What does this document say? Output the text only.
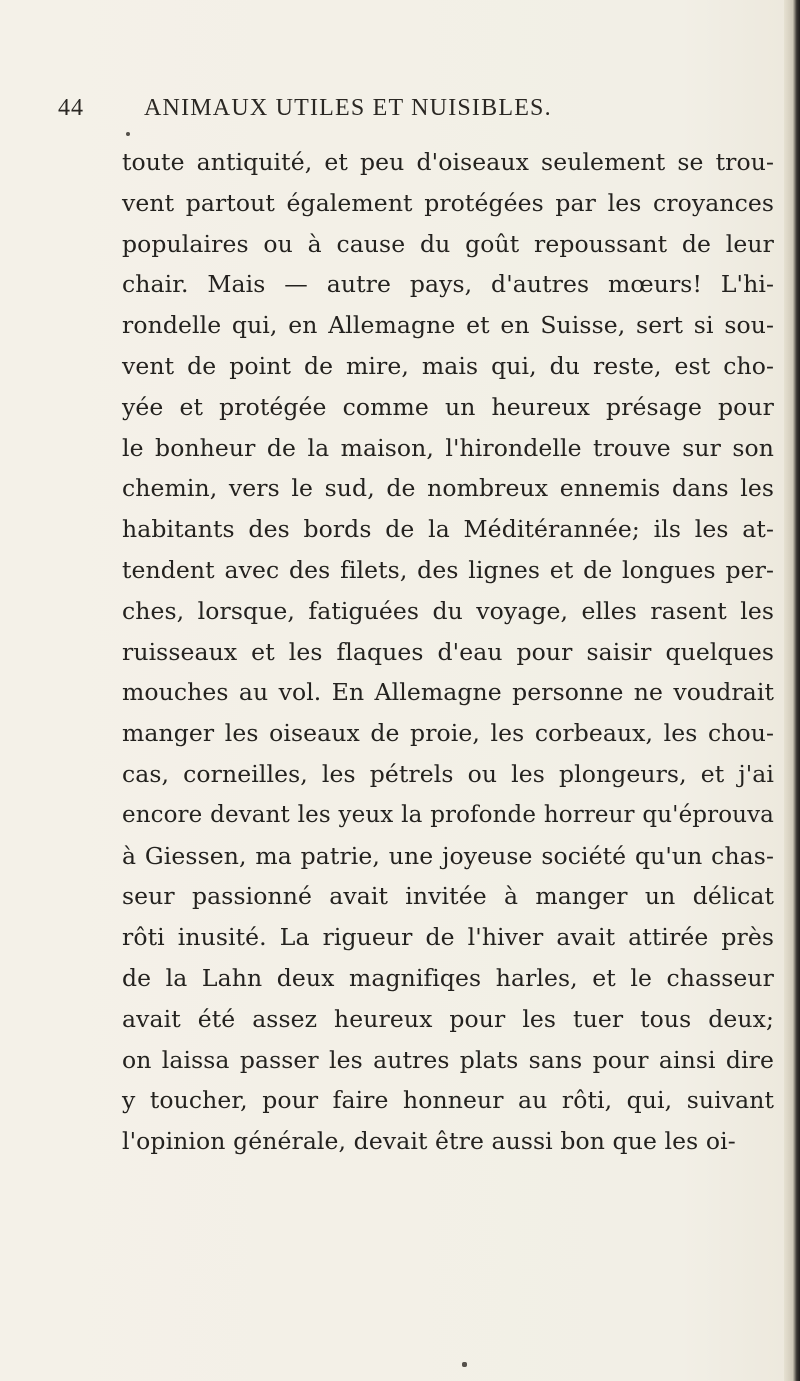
44	ANIMAUX UTILES ET NUISIBLES.
toute antiquité, et peu d'oiseaux seulement se trou-
vent partout également protégées par les croyances
populaires ou à cause du goût repoussant de leur
chair. Mais — autre pays, d'autres mœurs! L'hi-
rondelle qui, en Allemagne et en Suisse, sert si sou-
vent de point de mire, mais qui, du reste, est cho-
yée et protégée comme un heureux présage pour
le bonheur de la maison, l'hirondelle trouve sur son
chemin, vers le sud, de nombreux ennemis dans les
habitants des bords de la Méditérannée; ils les at-
tendent avec des filets, des lignes et de longues per-
ches, lorsque, fatiguées du voyage, elles rasent les
ruisseaux et les flaques d'eau pour saisir quelques
mouches au vol. En Allemagne personne ne voudrait
manger les oiseaux de proie, les corbeaux, les chou-
cas, corneilles, les pétrels ou les plongeurs, et j'ai
encore devant les yeux la profonde horreur qu'éprouva
à Giessen, ma patrie, une joyeuse société qu'un chas-
seur passionné avait invitée à manger un délicat
rôti inusité. La rigueur de l'hiver avait attirée près
de la Lahn deux magnifiqes harles, et le chasseur
avait été assez heureux pour les tuer tous deux;
on laissa passer les autres plats sans pour ainsi dire
y toucher, pour faire honneur au rôti, qui, suivant
l'opinion générale, devait être aussi bon que les oi-
